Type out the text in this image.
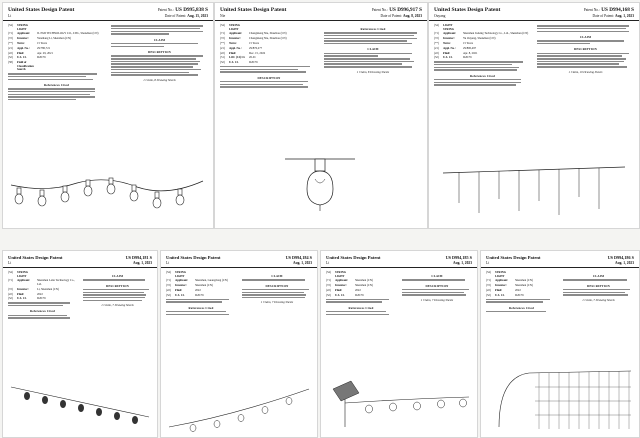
United States Design Patent	Patent No.: US D995,838 S
Li	Date of Patent: Aug. 15, 2023
(54)	STRING LIGHT
(71)	Applicant:	JL EMI TECHNOLOGY CO., LTD., Shenzhen (CN)
(72)	Inventor:	Yanzhang Li, Shenzhen (CN)
(**)	Term:	15 Years
(21)	Appl. No.:	29/780,721
(22)	Filed:	Apr. 29, 2021
(52)	U.S. Cl.	D26/76
(58)	Field of Classification Search
References Cited
CLAIM
DESCRIPTION
1 Claim, 8 Drawing Sheets
United States Design Patent	Patent No.: US D996,917 S
Nie	Date of Patent: Aug. 8, 2023
(54)	STRING LIGHT
(71)	Applicant:	Changsheng Nie, Zhuzhou (CN)
(72)	Inventor:	Changsheng Nie, Zhuzhou (CN)
(**)	Term:	15 Years
(21)	Appl. No.:	29/876,277
(22)	Filed:	Dec. 15, 2022
(51)	LOC (14) Cl.	26-01
(52)	U.S. Cl.	D26/76
DESCRIPTION
References Cited
CLAIM
1 Claim, 8 Drawing Sheets
United States Design Patent	Patent No.: US D994,168 S
Ouyang	Date of Patent: Aug. 1, 2023
(54)	LIGHT STRING
(71)	Applicant:	Shenzhen Iceking Technology Co., Ltd., Shenzhen (CN)
(72)	Inventor:	Yu Ouyang, Shenzhen (CN)
(**)	Term:	15 Years
(21)	Appl. No.:	29/800,497
(22)	Filed:	Apr. 8, 2021
(52)	U.S. Cl.	D26/76
References Cited
CLAIM
DESCRIPTION
1 Claim, 10 Drawing Sheets
United States Design Patent	US D994,181 S
Li	Aug. 1, 2023
(54)	STRING LIGHT
(71)	Applicant:	Shenzhen Laite Technology Co., Ltd.
(72)	Inventor:	Li, Shenzhen (CN)
(22)	Filed:	2022
(52)	U.S. Cl.	D26/76
References Cited
CLAIM
DESCRIPTION
1 Claim, 7 Drawing Sheets
United States Design Patent	US D994,184 S
Li	Aug. 1, 2023
(54)	STRING LIGHT
(71)	Applicant:	Shenzhen, Guangdong (CN)
(72)	Inventor:	Shenzhen (CN)
(22)	Filed:	2022
(52)	U.S. Cl.	D26/76
References Cited
CLAIM
DESCRIPTION
1 Claim, 7 Drawing Sheets
United States Design Patent	US D994,185 S
Li	Aug. 1, 2023
(54)	STRING LIGHT
(71)	Applicant:	Shenzhen (CN)
(72)	Inventor:	Shenzhen (CN)
(22)	Filed:	2022
(52)	U.S. Cl.	D26/76
References Cited
CLAIM
DESCRIPTION
1 Claim, 7 Drawing Sheets
United States Design Patent	US D994,186 S
Li	Aug. 1, 2023
(54)	STRING LIGHT
(71)	Applicant:	Shenzhen (CN)
(72)	Inventor:	Shenzhen (CN)
(22)	Filed:	2022
(52)	U.S. Cl.	D26/76
References Cited
CLAIM
DESCRIPTION
1 Claim, 7 Drawing Sheets
